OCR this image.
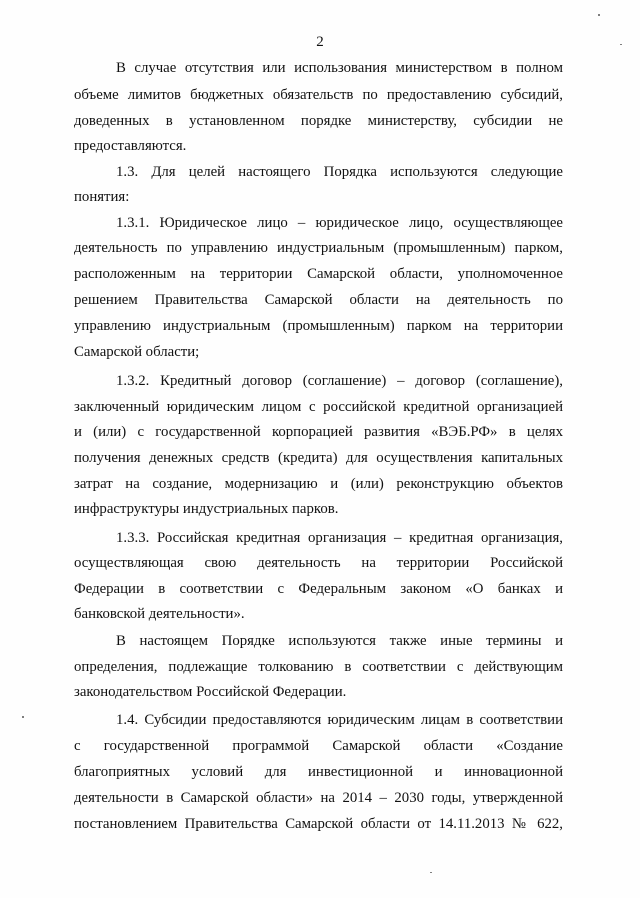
2
В случае отсутствия или использования министерством в полном
объеме лимитов бюджетных обязательств по предоставлению субсидий,
доведенных в установленном порядке министерству, субсидии не
предоставляются.
1.3. Для целей настоящего Порядка используются следующие
понятия:
1.3.1. Юридическое лицо – юридическое лицо, осуществляющее
деятельность по управлению индустриальным (промышленным) парком,
расположенным на территории Самарской области, уполномоченное
решением Правительства Самарской области на деятельность по
управлению индустриальным (промышленным) парком на территории
Самарской области;
1.3.2. Кредитный договор (соглашение) – договор (соглашение),
заключенный юридическим лицом с российской кредитной организацией
и (или) с государственной корпорацией развития «ВЭБ.РФ» в целях
получения денежных средств (кредита) для осуществления капитальных
затрат на создание, модернизацию и (или) реконструкцию объектов
инфраструктуры индустриальных парков.
1.3.3. Российская кредитная организация – кредитная организация,
осуществляющая свою деятельность на территории Российской
Федерации в соответствии с Федеральным законом «О банках и
банковской деятельности».
В настоящем Порядке используются также иные термины и
определения, подлежащие толкованию в соответствии с действующим
законодательством Российской Федерации.
1.4. Субсидии предоставляются юридическим лицам в соответствии
с государственной программой Самарской области «Создание
благоприятных условий для инвестиционной и инновационной
деятельности в Самарской области» на 2014 – 2030 годы, утвержденной
постановлением Правительства Самарской области от 14.11.2013 № 622,
